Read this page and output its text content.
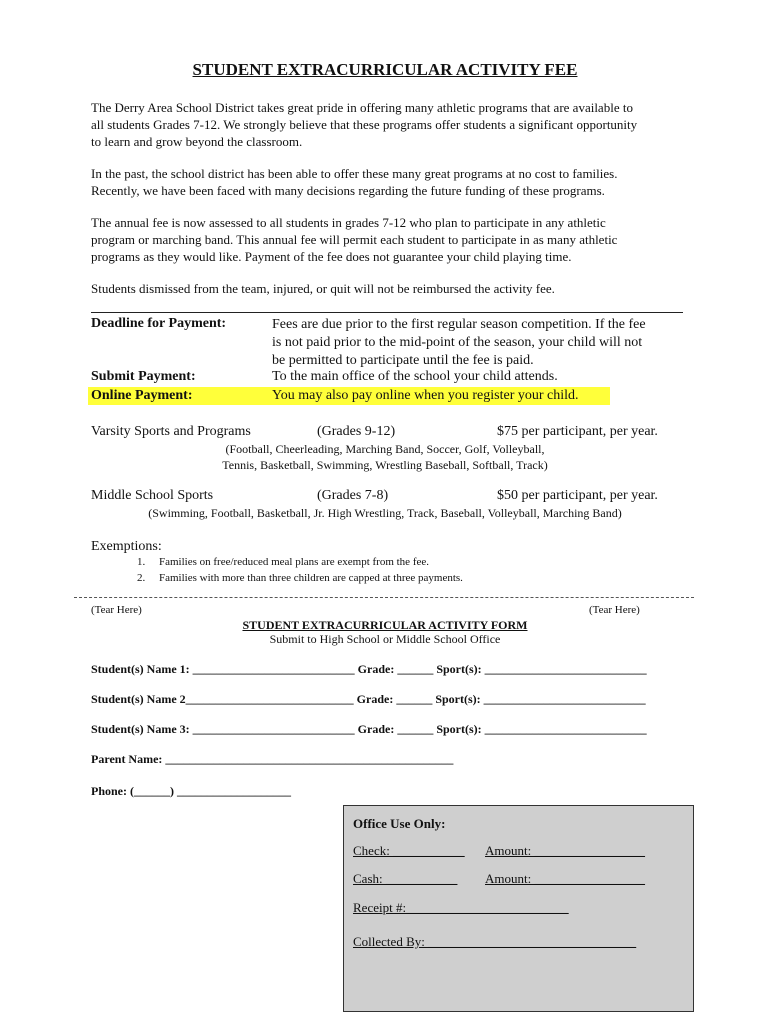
STUDENT EXTRACURRICULAR ACTIVITY FEE
The Derry Area School District takes great pride in offering many athletic programs that are available to
all students Grades 7-12. We strongly believe that these programs offer students a significant opportunity
to learn and grow beyond the classroom.
In the past, the school district has been able to offer these many great programs at no cost to families.
Recently, we have been faced with many decisions regarding the future funding of these programs.
The annual fee is now assessed to all students in grades 7-12 who plan to participate in any athletic
program or marching band. This annual fee will permit each student to participate in as many athletic
programs as they would like. Payment of the fee does not guarantee your child playing time.
Students dismissed from the team, injured, or quit will not be reimbursed the activity fee.
Deadline for Payment:	Fees are due prior to the first regular season competition. If the fee
is not paid prior to the mid-point of the season, your child will not
be permitted to participate until the fee is paid.
Submit Payment:	To the main office of the school your child attends.
Online Payment:	You may also pay online when you register your child.
Varsity Sports and Programs	(Grades 9-12)	$75 per participant, per year.
(Football, Cheerleading, Marching Band, Soccer, Golf, Volleyball,
Tennis, Basketball, Swimming, Wrestling Baseball, Softball, Track)
Middle School Sports	(Grades 7-8)	$50 per participant, per year.
(Swimming, Football, Basketball, Jr. High Wrestling, Track, Baseball, Volleyball, Marching Band)
Exemptions:
1. Families on free/reduced meal plans are exempt from the fee.
2. Families with more than three children are capped at three payments.
(Tear Here)	(Tear Here)
STUDENT EXTRACURRICULAR ACTIVITY FORM
Submit to High School or Middle School Office
Student(s) Name 1: ___________________________ Grade: ______ Sport(s): ___________________________
Student(s) Name 2____________________________ Grade: ______ Sport(s): ___________________________
Student(s) Name 3: ___________________________ Grade: ______ Sport(s): ___________________________
Parent Name: ________________________________________________
Phone: (______) ___________________
Office Use Only:
Check: ___________ Amount: _________________
Cash: ___________ Amount: _________________
Receipt #:_________________________
Collected By: ________________________________
